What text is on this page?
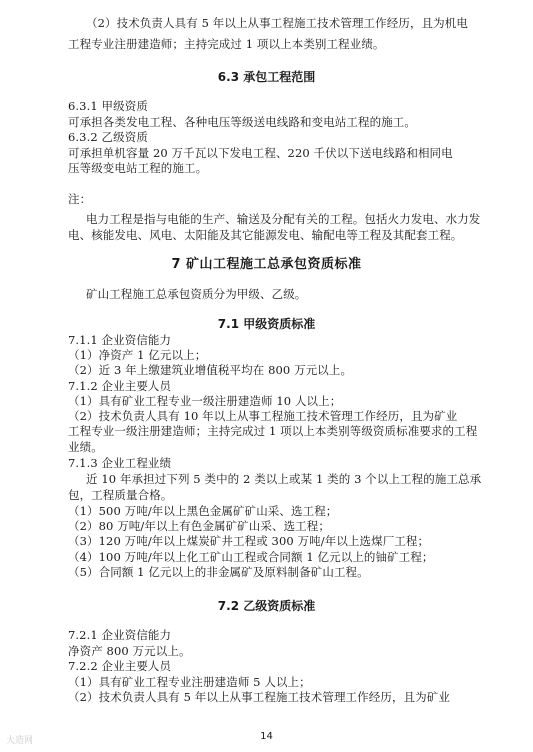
（2）技术负责人具有 5 年以上从事工程施工技术管理工作经历，且为机电
工程专业注册建造师；主持完成过 1 项以上本类别工程业绩。
6.3 承包工程范围
6.3.1 甲级资质
可承担各类发电工程、各种电压等级送电线路和变电站工程的施工。
6.3.2 乙级资质
可承担单机容量 20 万千瓦以下发电工程、220 千伏以下送电线路和相同电
压等级变电站工程的施工。
注：
电力工程是指与电能的生产、输送及分配有关的工程。包括火力发电、水力发
电、核能发电、风电、太阳能及其它能源发电、输配电等工程及其配套工程。
7 矿山工程施工总承包资质标准
矿山工程施工总承包资质分为甲级、乙级。
7.1 甲级资质标准
7.1.1 企业资信能力
（1）净资产 1 亿元以上；
（2）近 3 年上缴建筑业增值税平均在 800 万元以上。
7.1.2 企业主要人员
（1）具有矿业工程专业一级注册建造师 10 人以上；
（2）技术负责人具有 10 年以上从事工程施工技术管理工作经历，且为矿业
工程专业一级注册建造师；主持完成过 1 项以上本类别等级资质标准要求的工程
业绩。
7.1.3 企业工程业绩
近 10 年承担过下列 5 类中的 2 类以上或某 1 类的 3 个以上工程的施工总承
包，工程质量合格。
（1）500 万吨/年以上黑色金属矿矿山采、选工程；
（2）80 万吨/年以上有色金属矿矿山采、选工程；
（3）120 万吨/年以上煤炭矿井工程或 300 万吨/年以上选煤厂工程；
（4）100 万吨/年以上化工矿山工程或合同额 1 亿元以上的铀矿工程；
（5）合同额 1 亿元以上的非金属矿及原料制备矿山工程。
7.2 乙级资质标准
7.2.1 企业资信能力
净资产 800 万元以上。
7.2.2 企业主要人员
（1）具有矿业工程专业注册建造师 5 人以上；
（2）技术负责人具有 5 年以上从事工程施工技术管理工作经历，且为矿业
14
大造网
